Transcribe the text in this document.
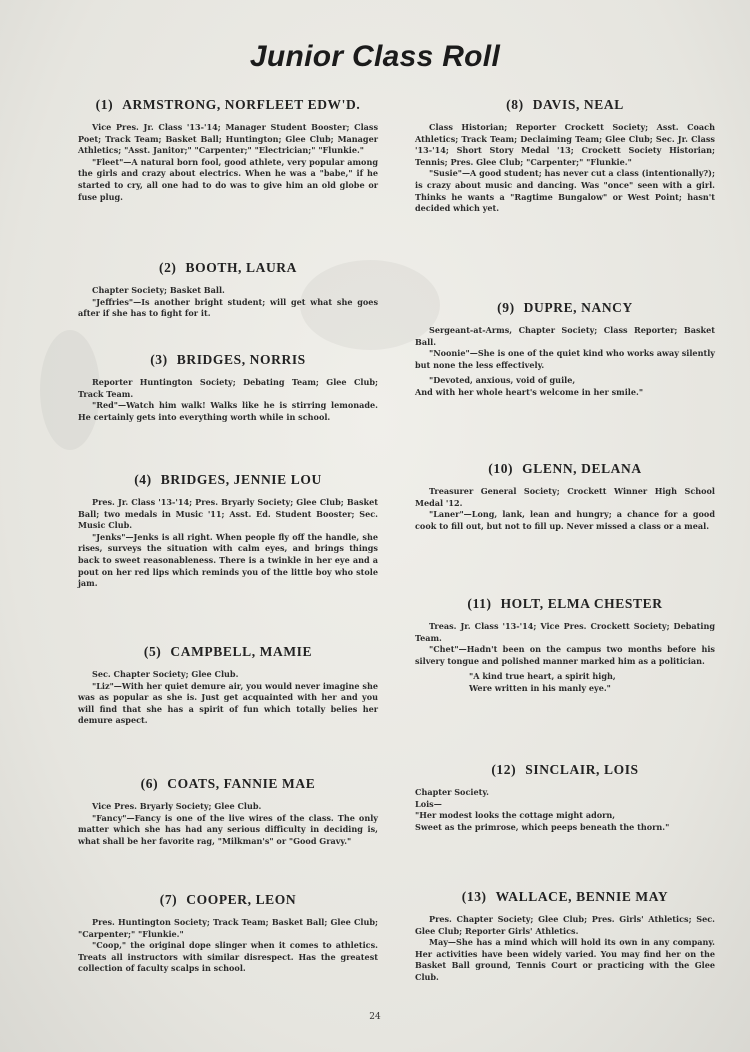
Junior Class Roll
(1) ARMSTRONG, NORFLEET EDW'D.

Vice Pres. Jr. Class '13-'14; Manager Student Booster; Class Poet; Track Team; Basket Ball; Huntington; Glee Club; Manager Athletics; "Asst. Janitor;" "Carpenter;" "Electrician;" "Flunkie."

"Fleet"—A natural born fool, good athlete, very popular among the girls and crazy about electrics. When he was a "babe," if he started to cry, all one had to do was to give him an old globe or fuse plug.

(2) BOOTH, LAURA

Chapter Society; Basket Ball.

"Jeffries"—Is another bright student; will get what she goes after if she has to fight for it.

(3) BRIDGES, NORRIS

Reporter Huntington Society; Debating Team; Glee Club; Track Team.

"Red"—Watch him walk! Walks like he is stirring lemonade. He certainly gets into everything worth while in school.

(4) BRIDGES, JENNIE LOU

Pres. Jr. Class '13-'14; Pres. Bryarly Society; Glee Club; Basket Ball; two medals in Music '11; Asst. Ed. Student Booster; Sec. Music Club.

"Jenks"—Jenks is all right. When people fly off the handle, she rises, surveys the situation with calm eyes, and brings things back to sweet reasonableness. There is a twinkle in her eye and a pout on her red lips which reminds you of the little boy who stole jam.

(5) CAMPBELL, MAMIE

Sec. Chapter Society; Glee Club.

"Liz"—With her quiet demure air, you would never imagine she was as popular as she is. Just get acquainted with her and you will find that she has a spirit of fun which totally belies her demure aspect.

(6) COATS, FANNIE MAE

Vice Pres. Bryarly Society; Glee Club.

"Fancy"—Fancy is one of the live wires of the class. The only matter which she has had any serious difficulty in deciding is, what shall be her favorite rag, "Milkman's" or "Good Gravy."

(7) COOPER, LEON

Pres. Huntington Society; Track Team; Basket Ball; Glee Club; "Carpenter;" "Flunkie."

"Coop," the original dope slinger when it comes to athletics. Treats all instructors with similar disrespect. Has the greatest collection of faculty scalps in school.

(8) DAVIS, NEAL

Class Historian; Reporter Crockett Society; Asst. Coach Athletics; Track Team; Declaiming Team; Glee Club; Sec. Jr. Class '13-'14; Short Story Medal '13; Crockett Society Historian; Tennis; Pres. Glee Club; "Carpenter;" "Flunkie."

"Susie"—A good student; has never cut a class (intentionally?); is crazy about music and dancing. Was "once" seen with a girl. Thinks he wants a "Ragtime Bungalow" or West Point; hasn't decided which yet.

(9) DUPRE, NANCY

Sergeant-at-Arms, Chapter Society; Class Reporter; Basket Ball.

"Noonie"—She is one of the quiet kind who works away silently but none the less effectively.

"Devoted, anxious, void of guile,

And with her whole heart's welcome in her smile."

(10) GLENN, DELANA

Treasurer General Society; Crockett Winner High School Medal '12.

"Laner"—Long, lank, lean and hungry; a chance for a good cook to fill out, but not to fill up. Never missed a class or a meal.

(11) HOLT, ELMA CHESTER

Treas. Jr. Class '13-'14; Vice Pres. Crockett Society; Debating Team.

"Chet"—Hadn't been on the campus two months before his silvery tongue and polished manner marked him as a politician.

"A kind true heart, a spirit high,

Were written in his manly eye."

(12) SINCLAIR, LOIS

Chapter Society.

Lois—

"Her modest looks the cottage might adorn,

Sweet as the primrose, which peeps beneath the thorn."

(13) WALLACE, BENNIE MAY

Pres. Chapter Society; Glee Club; Pres. Girls' Athletics; Sec. Glee Club; Reporter Girls' Athletics.

May—She has a mind which will hold its own in any company. Her activities have been widely varied. You may find her on the Basket Ball ground, Tennis Court or practicing with the Glee Club.

24
